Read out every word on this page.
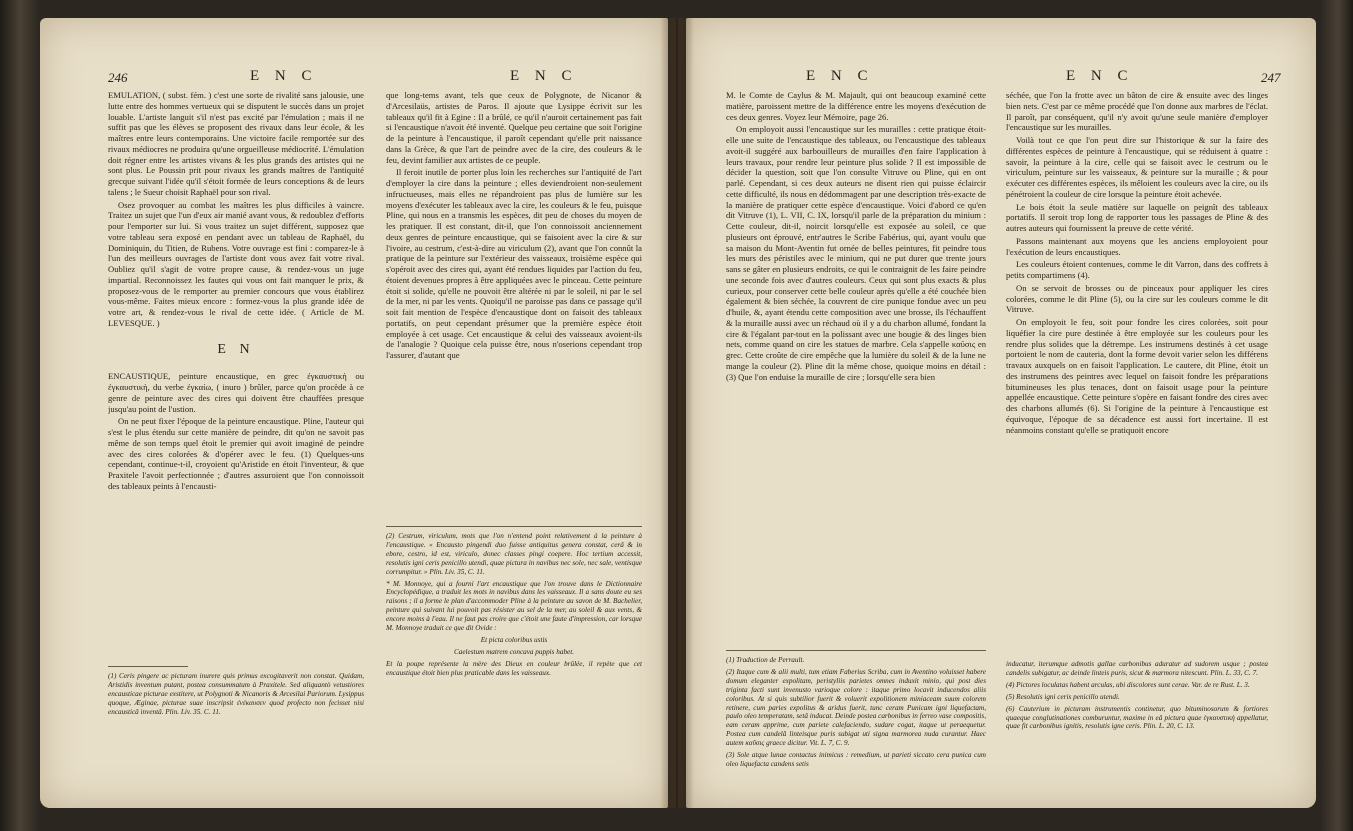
246	E N C	E N C

EMULATION, ( subst. fém. ) c'est une sorte de rivalité sans jalousie, une lutte entre des hommes vertueux qui se disputent le succès dans un projet louable. L'artiste languit s'il n'est pas excité par l'émulation ; mais il ne suffit pas que les élèves se proposent des rivaux dans leur école, & les maîtres entre leurs contemporains. Une victoire facile remportée sur des rivaux médiocres ne produira qu'une orgueilleuse médiocrité. L'émulation doit régner entre les artistes vivans & les plus grands des artistes qui ne sont plus. Le Poussin prit pour rivaux les grands maîtres de l'antiquité grecque suivant l'idée qu'il s'étoit formée de leurs conceptions & de leurs talens ; le Sueur choisit Raphaël pour son rival.

Osez provoquer au combat les maîtres les plus difficiles à vaincre. Traitez un sujet que l'un d'eux air manié avant vous, & redoublez d'efforts pour l'emporter sur lui. Si vous traitez un sujet différent, supposez que votre tableau sera exposé en pendant avec un tableau de Raphaël, du Dominiquin, du Titien, de Rubens. Votre ouvrage est fini : comparez-le à l'un des meilleurs ouvrages de l'artiste dont vous avez fait votre rival. Oubliez qu'il s'agit de votre propre cause, & rendez-vous un juge impartial. Reconnoissez les fautes qui vous ont fait manquer le prix, & proposez-vous de le remporter au premier concours que vous établirez vous-même. Faites mieux encore : formez-vous la plus grande idée de votre art, & rendez-vous le rival de cette idée. ( Article de M. LEVESQUE. )

E N

ENCAUSTIQUE, peinture encaustique, en grec ἐγκαυστική ou ἐγκαυστικὴ, du verbe ἐγκαίω, ( inuro ) brûler, parce qu'on procède à ce genre de peinture avec des cires qui doivent être chauffées presque jusqu'au point de l'ustion.

On ne peut fixer l'époque de la peinture encaustique. Pline, l'auteur qui s'est le plus étendu sur cette manière de peindre, dit qu'on ne savoit pas même de son temps quel étoit le premier qui avoit imaginé de peindre avec des cires colorées & d'opérer avec le feu. (1) Quelques-uns cependant, continue-t-il, croyoient qu'Aristide en étoit l'inventeur, & que Praxitele l'avoit perfectionnée ; d'autres assuroient que l'on connoissoit des tableaux peints à l'encausti-

(1) Ceris pingere ac picturam inurere quis primus excogitaverit non constat. Quidam, Aristidis inventum putant, postea consummatum à Praxitele. Sed aliquantò vetustiores encausticae picturae exstitere, ut Polygnoti & Nicanoris & Arcesilai Pariorum. Lysippus quoque, Æginae, picturae suae inscripsit ἐνέκαυσεν quod profecto non fecisset nisi encausticâ inventâ. Plin. Liv. 35. C. 11.

que long-tems avant, tels que ceux de Polygnote, de Nicanor & d'Arcesilaüs, artistes de Paros. Il ajoute que Lysippe écrivit sur les tableaux qu'il fit à Egine : Il a brûlé, ce qu'il n'auroit certainement pas fait si l'encaustique n'avoit été inventé. Quelque peu certaine que soit l'origine de la peinture à l'encaustique, il paroît cependant qu'elle prit naissance dans la Grèce, & que l'art de peindre avec de la cire, des couleurs & le feu, devint familier aux artistes de ce peuple.

Il feroit inutile de porter plus loin les recherches sur l'antiquité de l'art d'employer la cire dans la peinture ; elles deviendroient non-seulement infructueuses, mais elles ne répandroient pas plus de lumière sur les moyens d'exécuter les tableaux avec la cire, les couleurs & le feu, puisque Pline, qui nous en a transmis les espèces, dit peu de choses du moyen de les pratiquer. Il est constant, dit-il, que l'on connoissoit anciennement deux genres de peinture encaustique, qui se faisoient avec la cire & sur l'ivoire, au cestrum, c'est-à-dire au viriculum (2), avant que l'on connût la pratique de la peinture sur l'extérieur des vaisseaux, troisième espèce qui s'opéroit avec des cires qui, ayant été rendues liquides par l'action du feu, étoient devenues propres à être appliquées avec le pinceau. Cette peinture étoit si solide, qu'elle ne pouvoit être altérée ni par le soleil, ni par le sel de la mer, ni par les vents. Quoiqu'il ne paroisse pas dans ce passage qu'il soit fait mention de l'espèce d'encaustique dont on faisoit des tableaux portatifs, on peut cependant présumer que la première espèce étoit employée à cet usage. Cet encaustique & celui des vaisseaux avoient-ils de l'analogie ? Quoique cela puisse être, nous n'oserions cependant trop l'assurer, d'autant que

(2) Cestrum, viriculum, mots que l'on n'entend point relativement à la peinture à l'encaustique. « Encausto pingendi duo fuisse antiquitus genera constat, cerâ & in ebore, cestro, id est, viriculo, donec classes pingi coepere. Hoc tertium accessit, resolutis igni ceris penicillo utendi, quae pictura in navibus nec sole, nec sale, ventisque corrumpitur. » Plin. Liv. 35, C. 11.

* M. Monnoye, qui a fourni l'art encaustique que l'on trouve dans le Dictionnaire Encyclopédique, a traduit les mots in navibus dans les vaisseaux. Il a sans doute eu ses raisons ; il a forme le plan d'accommoder Pline à la peinture au savon de M. Bachelier, peinture qui suivant lui pouvoit pas résister au sel de la mer, au soleil & aux vents, & encore moins à l'eau. Il ne faut pas croire que c'étoit une faute d'impression, car lorsque M. Monnoye traduit ce que dit Ovide :

Et picta coloribus ustis

Caelestum matrem concava puppis habet.

Et la poupe représente la mère des Dieux en couleur brûlée, il repète que cet encaustique étoit bien plus praticable dans les vaisseaux.

E N C	E N C	247

M. le Comte de Caylus & M. Majault, qui ont beaucoup examiné cette matière, paroissent mettre de la différence entre les moyens d'exécution de ces deux genres. Voyez leur Mémoire, page 26.

On employoit aussi l'encaustique sur les murailles : cette pratique étoit-elle une suite de l'encaustique des tableaux, ou l'encaustique des tableaux avoit-il suggéré aux barbouilleurs de murailles d'en faire l'application à leurs travaux, pour rendre leur peinture plus solide ? Il est impossible de décider la question, soit que l'on consulte Vitruve ou Pline, qui en ont parlé. Cependant, si ces deux auteurs ne disent rien qui puisse éclaircir cette difficulté, ils nous en dédommagent par une description très-exacte de la manière de pratiquer cette espèce d'encaustique. Voici d'abord ce qu'en dit Vitruve (1), L. VII, C. IX, lorsqu'il parle de la préparation du minium : Cette couleur, dit-il, noircit lorsqu'elle est exposée au soleil, ce que plusieurs ont éprouvé, entr'autres le Scribe Fabérius, qui, ayant voulu que sa maison du Mont-Aventin fut ornée de belles peintures, fit peindre tous les murs des péristiles avec le minium, qui ne put durer que trente jours sans se gâter en plusieurs endroits, ce qui le contraignit de les faire peindre une seconde fois avec d'autres couleurs. Ceux qui sont plus exacts & plus curieux, pour conserver cette belle couleur après qu'elle a été couchée bien également & bien séchée, la couvrent de cire punique fondue avec un peu d'huile, &, ayant étendu cette composition avec une brosse, ils l'échauffent & la muraille aussi avec un réchaud où il y a du charbon allumé, fondant la cire & l'égalant par-tout en la polissant avec une bougie & des linges bien nets, comme quand on cire les statues de marbre. Cela s'appelle καῦσις en grec. Cette croûte de cire empêche que la lumière du soleil & de la lune ne mange la couleur (2). Pline dit la même chose, quoique moins en détail : (3) Que l'on enduise la muraille de cire ; lorsqu'elle sera bien

(1) Traduction de Perrault.

(2) Itaque cum & alii multi, tum etiam Faberius Scriba, cum in Aventino voluisset habere domum eleganter expolitam, peristyliis parietes omnes induxit minio, qui post dies triginta facti sunt invenusto varioque colore : itaque primo locavit inducendos aliis coloribus. At si quis subtilior fuerit & voluerit expolitionem miniaceam suum colorem retinere, cum paries expolitus & aridus fuerit, tunc ceram Punicam igni liquefactam, paulo oleo temperatam, setâ inducat. Deinde postea carbonibus in ferreo vase compositis, eam ceram apprime, cum pariete calefaciendo, sudare cogat, itaque ut peraequetur. Postea cum candelâ linteisque puris subigat uti signa marmorea nuda curantur. Haec autem καῦσις graece dicitur. Vit. L. 7, C. 9.

(3) Sole atque lunae contactus inimicus : remedium, ut parieti siccato cera punica cum oleo liquefacta candens setis

séchée, que l'on la frotte avec un bâton de cire & ensuite avec des linges bien nets. C'est par ce même procédé que l'on donne aux marbres de l'éclat. Il paroît, par conséquent, qu'il n'y avoit qu'une seule manière d'employer l'encaustique sur les murailles.

Voilà tout ce que l'on peut dire sur l'historique & sur la faire des différentes espèces de peinture à l'encaustique, qui se réduisent à quatre : savoir, la peinture à la cire, celle qui se faisoit avec le cestrum ou le viriculum, peinture sur les vaisseaux, & peinture sur la muraille ; & pour exécuter ces différentes espèces, ils mêloient les couleurs avec la cire, ou ils pénétroient la couleur de cire lorsque la peinture étoit achevée.

Le bois étoit la seule matière sur laquelle on peignît des tableaux portatifs. Il seroit trop long de rapporter tous les passages de Pline & des autres auteurs qui fournissent la preuve de cette vérité.

Passons maintenant aux moyens que les anciens employoient pour l'exécution de leurs encaustiques.

Les couleurs étoient contenues, comme le dit Varron, dans des coffrets à petits compartimens (4).

On se servoit de brosses ou de pinceaux pour appliquer les cires colorées, comme le dit Pline (5), ou la cire sur les couleurs comme le dit Vitruve.

On employoit le feu, soit pour fondre les cires colorées, soit pour liquéfier la cire pure destinée à être employée sur les couleurs pour les rendre plus solides que la détrempe. Les instrumens destinés à cet usage portoient le nom de cauteria, dont la forme devoit varier selon les différens travaux auxquels on en faisoit l'application. Le cautere, dit Pline, étoit un des instrumens des peintres avec lequel on faisoit fondre les préparations bitumineuses les plus tenaces, dont on faisoit usage pour la peinture appellée encaustique. Cette peinture s'opère en faisant fondre des cires avec des charbons allumés (6). Si l'origine de la peinture à l'encaustique est équivoque, l'époque de sa décadence est aussi fort incertaine. Il est néanmoins constant qu'elle se pratiquoit encore

inducatur, iterumque admotis gallae carbonibus aduratur ad sudorem usque ; postea candelis subigatur, ac deinde linteis puris, sicut & marmora nitescunt. Plin. L. 33, C. 7.

(4) Pictores loculatas habent arculas, ubi discolores sunt cerae. Var. de re Rust. L. 3.

(5) Resolutis igni ceris penicillo utendi.

(6) Cauterium in picturam instrumentis continetur, quo bituminosorum & fortiores quaeque conglutinationes comburuntur, maxime in eâ pictura quae ἐγκαυστικὴ appellatur, quae fit carbonibus ignitis, resolutis igne ceris. Plin. L. 20, C. 13.
